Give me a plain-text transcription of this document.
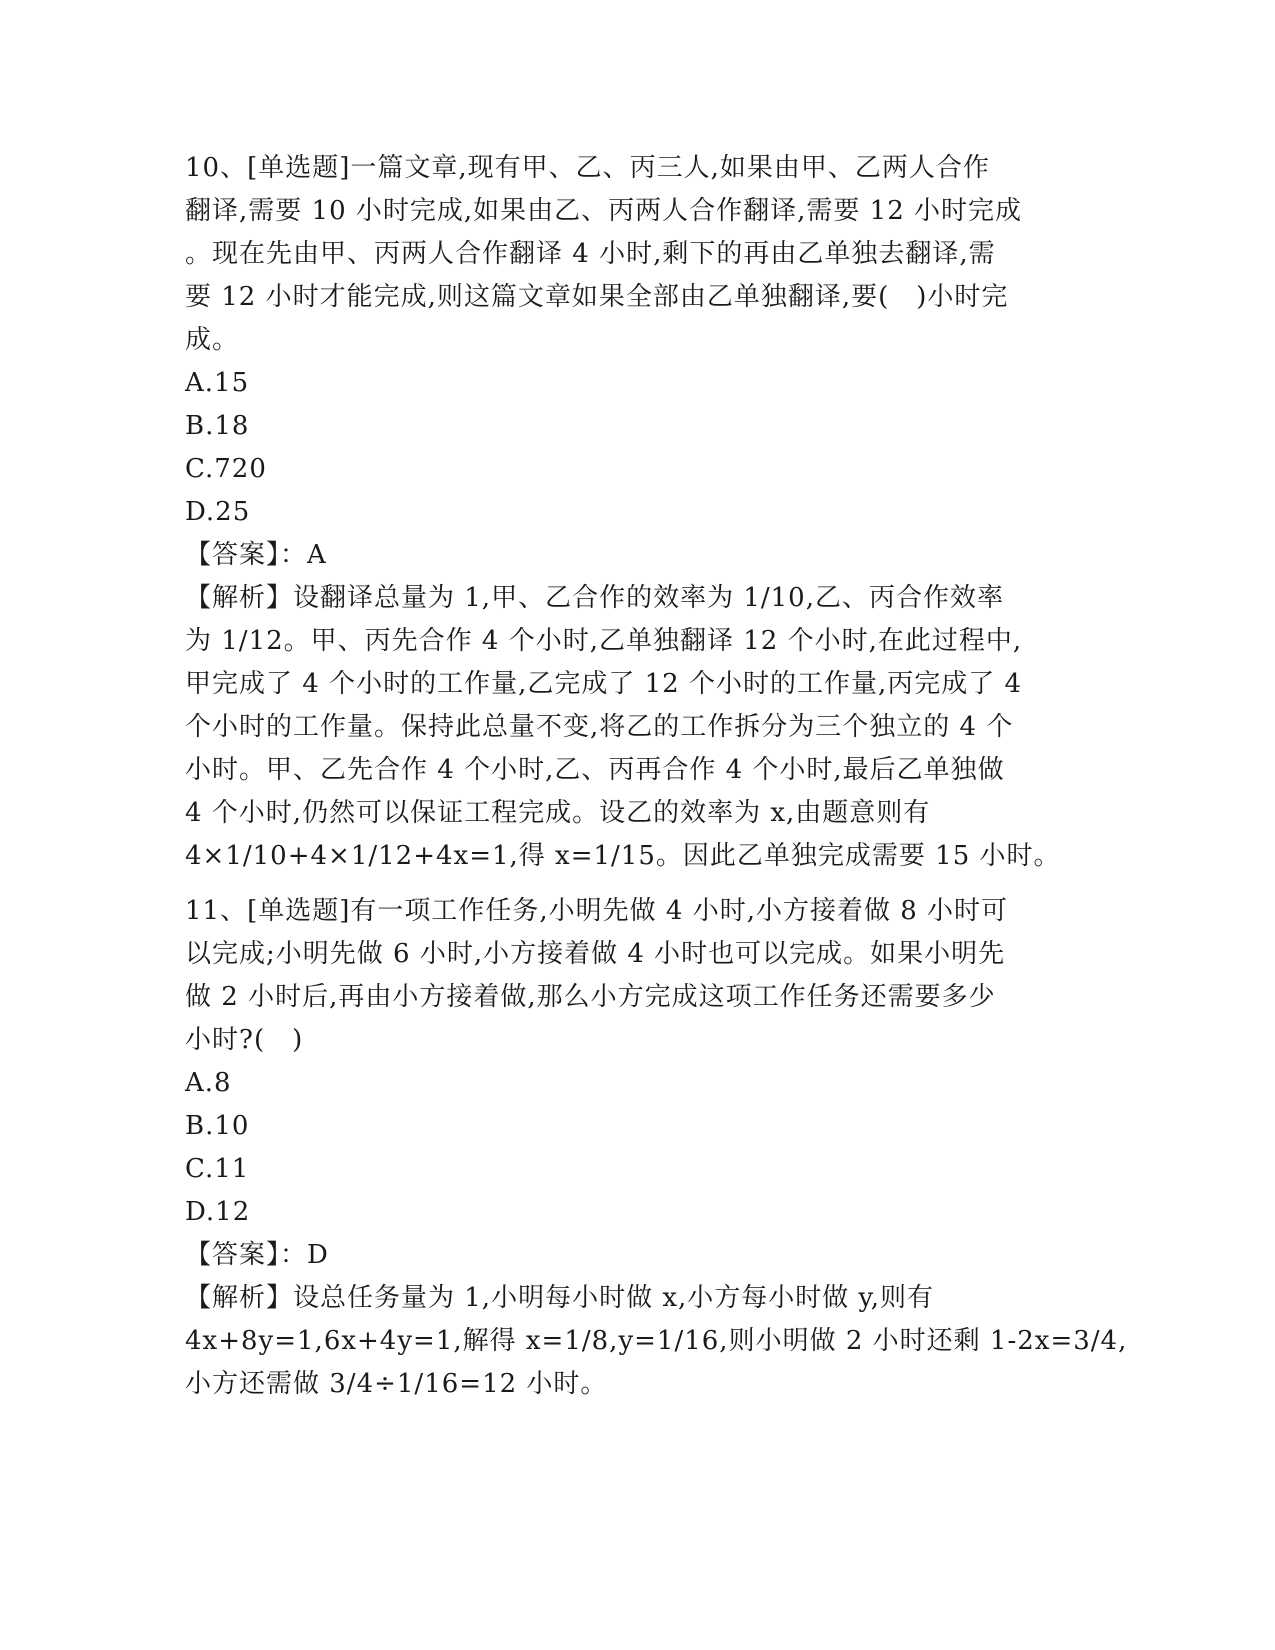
10、[单选题]一篇文章,现有甲、乙、丙三人,如果由甲、乙两人合作
翻译,需要 10 小时完成,如果由乙、丙两人合作翻译,需要 12 小时完成
。现在先由甲、丙两人合作翻译 4 小时,剩下的再由乙单独去翻译,需
要 12 小时才能完成,则这篇文章如果全部由乙单独翻译,要(　)小时完
成。
A.15
B.18
C.720
D.25
【答案】：A
【解析】设翻译总量为 1,甲、乙合作的效率为 1/10,乙、丙合作效率
为 1/12。甲、丙先合作 4 个小时,乙单独翻译 12 个小时,在此过程中,
甲完成了 4 个小时的工作量,乙完成了 12 个小时的工作量,丙完成了 4
个小时的工作量。保持此总量不变,将乙的工作拆分为三个独立的 4 个
小时。甲、乙先合作 4 个小时,乙、丙再合作 4 个小时,最后乙单独做
4 个小时,仍然可以保证工程完成。设乙的效率为 x,由题意则有
4×1/10+4×1/12+4x=1,得 x=1/15。因此乙单独完成需要 15 小时。
11、[单选题]有一项工作任务,小明先做 4 小时,小方接着做 8 小时可
以完成;小明先做 6 小时,小方接着做 4 小时也可以完成。如果小明先
做 2 小时后,再由小方接着做,那么小方完成这项工作任务还需要多少
小时?(　)
A.8
B.10
C.11
D.12
【答案】：D
【解析】设总任务量为 1,小明每小时做 x,小方每小时做 y,则有
4x+8y=1,6x+4y=1,解得 x=1/8,y=1/16,则小明做 2 小时还剩 1-2x=3/4,
小方还需做 3/4÷1/16=12 小时。
